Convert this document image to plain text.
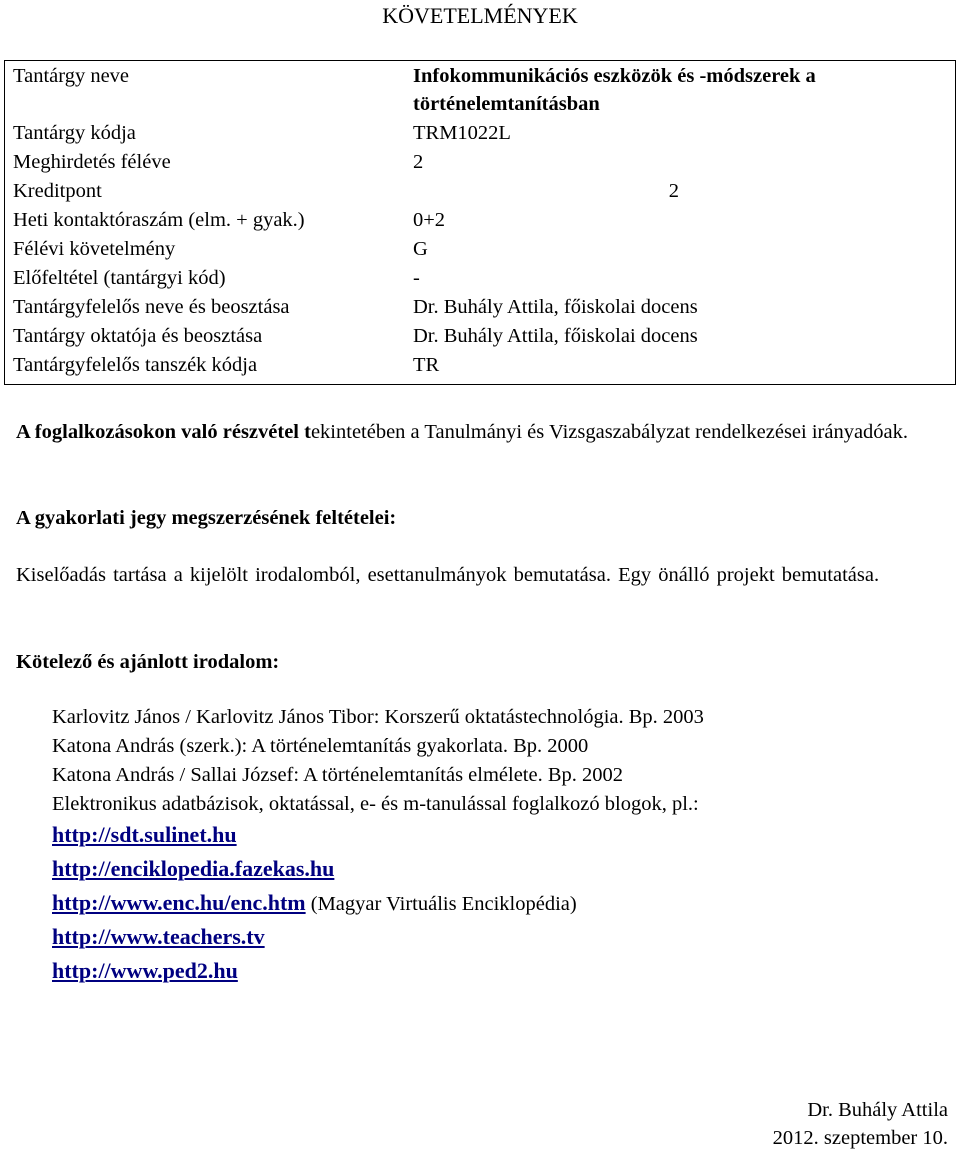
KÖVETELMÉNYEK
Tantárgy neve	Infokommunikációs eszközök és -módszerek a történelemtanításban
Tantárgy kódja	TRM1022L
Meghirdetés féléve	2
Kreditpont	2
Heti kontaktóraszám (elm. + gyak.)	0+2
Félévi követelmény	G
Előfeltétel (tantárgyi kód)	-
Tantárgyfelelős neve és beosztása	Dr. Buhály Attila, főiskolai docens
Tantárgy oktatója és beosztása	Dr. Buhály Attila, főiskolai docens
Tantárgyfelelős tanszék kódja	TR
A foglalkozásokon való részvétel tekintetében a Tanulmányi és Vizsgaszabályzat rendelkezései irányadóak.
A gyakorlati jegy megszerzésének feltételei:
Kiselőadás tartása a kijelölt irodalomból, esettanulmányok bemutatása. Egy önálló projekt bemutatása.
Kötelező és ajánlott irodalom:
Karlovitz János / Karlovitz János Tibor: Korszerű oktatástechnológia. Bp. 2003
Katona András (szerk.): A történelemtanítás gyakorlata. Bp. 2000
Katona András / Sallai József: A történelemtanítás elmélete. Bp. 2002
Elektronikus adatbázisok, oktatással, e- és m-tanulással foglalkozó blogok, pl.:
http://sdt.sulinet.hu
http://enciklopedia.fazekas.hu
http://www.enc.hu/enc.htm (Magyar Virtuális Enciklopédia)
http://www.teachers.tv
http://www.ped2.hu
Dr. Buhály Attila
2012. szeptember 10.
